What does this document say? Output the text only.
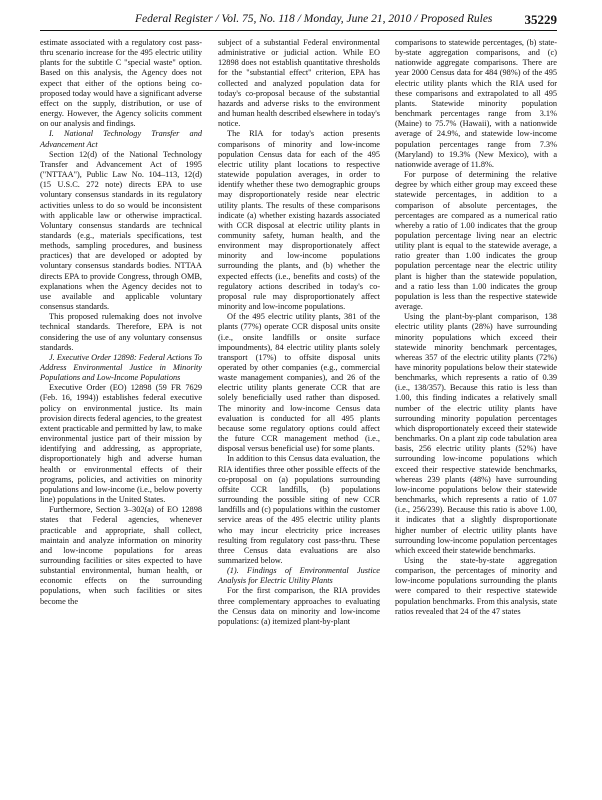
Federal Register / Vol. 75, No. 118 / Monday, June 21, 2010 / Proposed Rules 35229

estimate associated with a regulatory cost pass-thru scenario increase for the 495 electric utility plants for the subtitle C "special waste" option. Based on this analysis, the Agency does not expect that either of the options being co-proposed today would have a significant adverse effect on the supply, distribution, or use of energy. However, the Agency solicits comment on our analysis and findings.

I. National Technology Transfer and Advancement Act

Section 12(d) of the National Technology Transfer and Advancement Act of 1995 ("NTTAA"), Public Law No. 104–113, 12(d) (15 U.S.C. 272 note) directs EPA to use voluntary consensus standards in its regulatory activities unless to do so would be inconsistent with applicable law or otherwise impractical. Voluntary consensus standards are technical standards (e.g., materials specifications, test methods, sampling procedures, and business practices) that are developed or adopted by voluntary consensus standards bodies. NTTAA directs EPA to provide Congress, through OMB, explanations when the Agency decides not to use available and applicable voluntary consensus standards.

This proposed rulemaking does not involve technical standards. Therefore, EPA is not considering the use of any voluntary consensus standards.

J. Executive Order 12898: Federal Actions To Address Environmental Justice in Minority Populations and Low-Income Populations

Executive Order (EO) 12898 (59 FR 7629 (Feb. 16, 1994)) establishes federal executive policy on environmental justice. Its main provision directs federal agencies, to the greatest extent practicable and permitted by law, to make environmental justice part of their mission by identifying and addressing, as appropriate, disproportionately high and adverse human health or environmental effects of their programs, policies, and activities on minority populations and low-income (i.e., below poverty line) populations in the United States.

Furthermore, Section 3–302(a) of EO 12898 states that Federal agencies, whenever practicable and appropriate, shall collect, maintain and analyze information on minority and low-income populations for areas surrounding facilities or sites expected to have substantial environmental, human health, or economic effects on the surrounding populations, when such facilities or sites become the

subject of a substantial Federal environmental administrative or judicial action. While EO 12898 does not establish quantitative thresholds for the "substantial effect" criterion, EPA has collected and analyzed population data for today's co-proposal because of the substantial hazards and adverse risks to the environment and human health described elsewhere in today's notice.

The RIA for today's action presents comparisons of minority and low-income population Census data for each of the 495 electric utility plant locations to respective statewide population averages, in order to identify whether these two demographic groups may disproportionately reside near electric utility plants. The results of these comparisons indicate (a) whether existing hazards associated with CCR disposal at electric utility plants in community safety, human health, and the environment may disproportionately affect minority and low-income populations surrounding the plants, and (b) whether the expected effects (i.e., benefits and costs) of the regulatory actions described in today's co-proposal rule may disproportionately affect minority and low-income populations.

Of the 495 electric utility plants, 381 of the plants (77%) operate CCR disposal units onsite (i.e., onsite landfills or onsite surface impoundments), 84 electric utility plants solely transport (17%) to offsite disposal units operated by other companies (e.g., commercial waste management companies), and 26 of the electric utility plants generate CCR that are solely beneficially used rather than disposed. The minority and low-income Census data evaluation is conducted for all 495 plants because some regulatory options could affect the future CCR management method (i.e., disposal versus beneficial use) for some plants.

In addition to this Census data evaluation, the RIA identifies three other possible effects of the co-proposal on (a) populations surrounding offsite CCR landfills, (b) populations surrounding the possible siting of new CCR landfills and (c) populations within the customer service areas of the 495 electric utility plants who may incur electricity price increases resulting from regulatory cost pass-thru. These three Census data evaluations are also summarized below.

(1). Findings of Environmental Justice Analysis for Electric Utility Plants

For the first comparison, the RIA provides three complementary approaches to evaluating the Census data on minority and low-income populations: (a) itemized plant-by-plant

comparisons to statewide percentages, (b) state-by-state aggregation comparisons, and (c) nationwide aggregate comparisons. There are year 2000 Census data for 484 (98%) of the 495 electric utility plants which the RIA used for these comparisons and extrapolated to all 495 plants. Statewide minority population benchmark percentages range from 3.1% (Maine) to 75.7% (Hawaii), with a nationwide average of 24.9%, and statewide low-income population percentages range from 7.3% (Maryland) to 19.3% (New Mexico), with a nationwide average of 11.8%.

For purpose of determining the relative degree by which either group may exceed these statewide percentages, in addition to a comparison of absolute percentages, the percentages are compared as a numerical ratio whereby a ratio of 1.00 indicates that the group population percentage living near an electric utility plant is equal to the statewide average, a ratio greater than 1.00 indicates the group population percentage near the electric utility plant is higher than the statewide population, and a ratio less than 1.00 indicates the group population is less than the respective statewide average.

Using the plant-by-plant comparison, 138 electric utility plants (28%) have surrounding minority populations which exceed their statewide minority benchmark percentages, whereas 357 of the electric utility plants (72%) have minority populations below their statewide benchmarks, which represents a ratio of 0.39 (i.e., 138/357). Because this ratio is less than 1.00, this finding indicates a relatively small number of the electric utility plants have surrounding minority population percentages which disproportionately exceed their statewide benchmarks. On a plant zip code tabulation area basis, 256 electric utility plants (52%) have surrounding low-income populations which exceed their respective statewide benchmarks, whereas 239 plants (48%) have surrounding low-income populations below their statewide benchmarks, which represents a ratio of 1.07 (i.e., 256/239). Because this ratio is above 1.00, it indicates that a slightly disproportionate higher number of electric utility plants have surrounding low-income population percentages which exceed their statewide benchmarks.

Using the state-by-state aggregation comparison, the percentages of minority and low-income populations surrounding the plants were compared to their respective statewide population benchmarks. From this analysis, state ratios revealed that 24 of the 47 states
